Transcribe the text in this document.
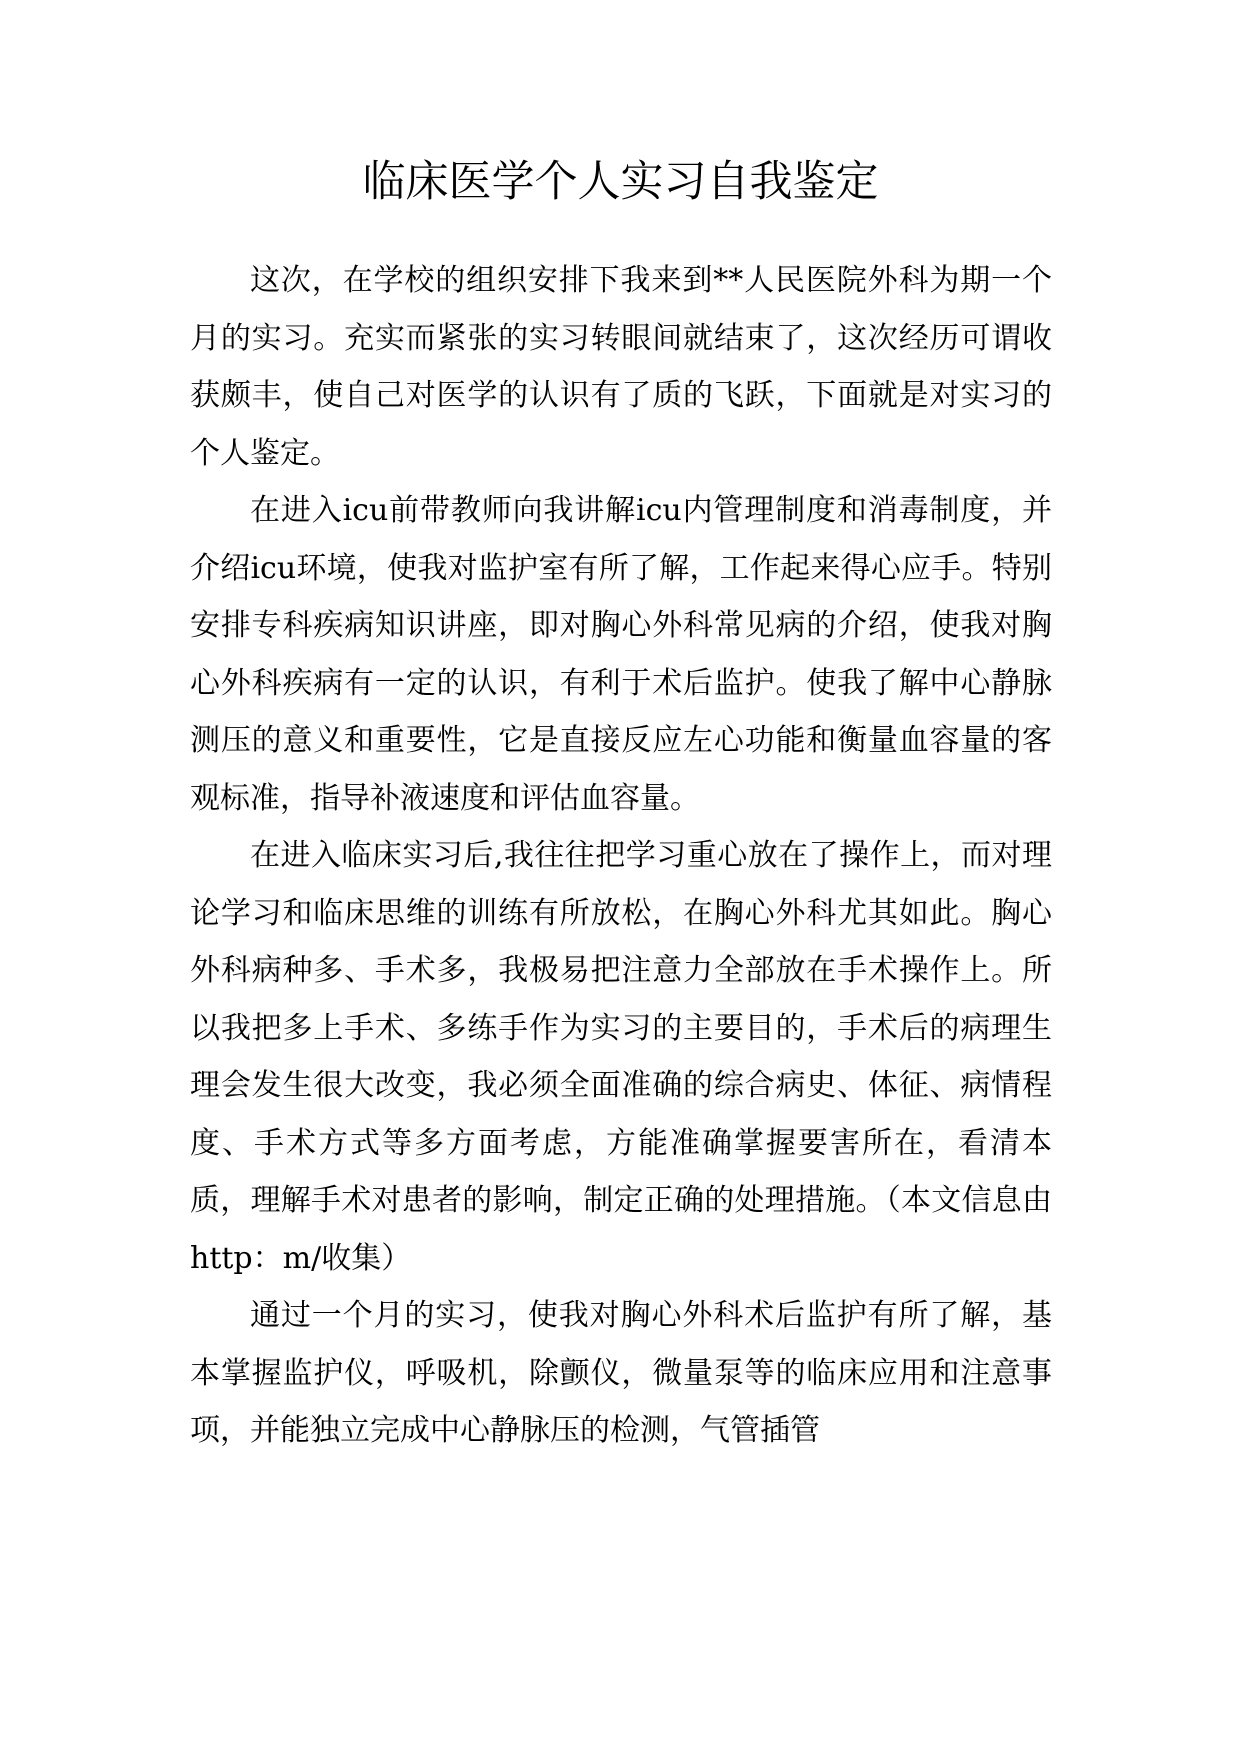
临床医学个人实习自我鉴定

这次，在学校的组织安排下我来到**人民医院外科为期一个月的实习。充实而紧张的实习转眼间就结束了，这次经历可谓收获颇丰，使自己对医学的认识有了质的飞跃，下面就是对实习的个人鉴定。

在进入icu前带教师向我讲解icu内管理制度和消毒制度，并介绍icu环境，使我对监护室有所了解，工作起来得心应手。特别安排专科疾病知识讲座，即对胸心外科常见病的介绍，使我对胸心外科疾病有一定的认识，有利于术后监护。使我了解中心静脉测压的意义和重要性，它是直接反应左心功能和衡量血容量的客观标准，指导补液速度和评估血容量。

在进入临床实习后,我往往把学习重心放在了操作上，而对理论学习和临床思维的训练有所放松，在胸心外科尤其如此。胸心外科病种多、手术多，我极易把注意力全部放在手术操作上。所以我把多上手术、多练手作为实习的主要目的，手术后的病理生理会发生很大改变，我必须全面准确的综合病史、体征、病情程度、手术方式等多方面考虑，方能准确掌握要害所在，看清本质，理解手术对患者的影响，制定正确的处理措施。（本文信息由http：m/收集）

通过一个月的实习，使我对胸心外科术后监护有所了解，基本掌握监护仪，呼吸机，除颤仪，微量泵等的临床应用和注意事项，并能独立完成中心静脉压的检测，气管插管
